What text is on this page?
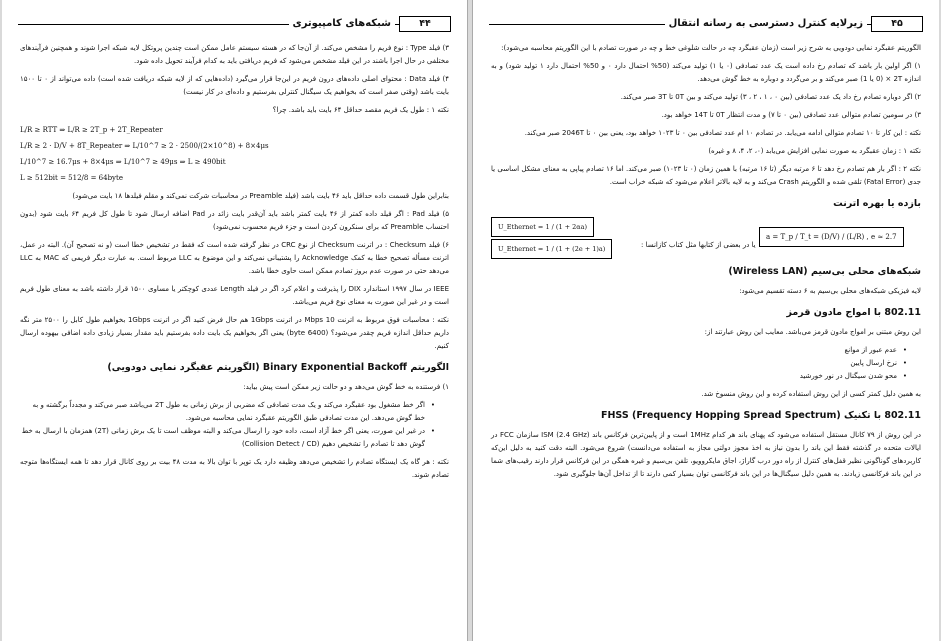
شبکه‌های کامپیوتری	۴۴

۳) فیلد Type : نوع فریم را مشخص می‌کند. از آن‌جا که در هسته سیستم عامل ممکن است چندین پروتکل لایه شبکه اجرا شوند و همچنین فرآیندهای مختلفی در حال اجرا باشند در این فیلد مشخص می‌شود که فریم دریافتی باید به کدام فرآیند تحویل داده شود.

۴) فیلد Data : محتوای اصلی داده‌های درون فریم در این‌جا قرار می‌گیرد (داده‌هایی که از لایه شبکه دریافت شده است) داده می‌تواند از ۰ تا ۱۵۰۰ بایت باشد (وقتی صفر است که بخواهیم یک سیگنال کنترلی بفرستیم و داده‌ای در کار نیست)

نکته ۱ : طول یک فریم مقصد حداقل ۶۴ بایت باید باشد. چرا؟

L/R ≥ RTT ⇒ L/R ≥ 2T_p + 2T_Repeater
L/R ≥ 2 · D/V + 8T_Repeater ⇒ L/10^7 ≥ 2 · 2500/(2×10^8) + 8×4μs
L/10^7 ≥ 16.7μs + 8×4μs ⇒ L/10^7 ≥ 49μs ⇒ L ≥ 490bit
L ≥ 512bit = 512/8 = 64byte

بنابراین طول قسمت داده حداقل باید ۴۶ بایت باشد (فیلد Preamble در محاسبات شرکت نمی‌کند و مقلم فیلدها ۱۸ بایت می‌شود)

۵) فیلد Pad : اگر فیلد داده کمتر از ۴۶ بایت کمتر باشد باید آن‌قدر بایت زائد در Pad اضافه ارسال شود تا طول کل فریم ۶۴ بایت شود (بدون احتساب Preamble که برای سنکرون کردن است و جزء فریم محسوب نمی‌شود)

۶) فیلد Checksum : در اترنت Checksum از نوع CRC در نظر گرفته شده است که فقط در تشخیص خطا است (و نه تصحیح آن). البته در عمل، اترنت مسأله تصحیح خطا به کمک Acknowledge را پشتیبانی نمی‌کند و این موضوع به LLC مربوط است. به عبارت دیگر فریمی که MAC به LLC می‌دهد حتی در صورت عدم بروز تصادم ممکن است حاوی خطا باشد.

IEEE در سال ۱۹۹۷ استاندارد DIX را پذیرفت و اعلام کرد اگر در فیلد Length عددی کوچکتر یا مساوی ۱۵۰۰ قرار داشته باشد به معنای طول فریم است و در غیر این صورت به معنای نوع فریم می‌باشد.

نکته : محاسبات فوق مربوط به اترنت 10 Mbps در اترنت 1Gbps هم حال فرض کنید اگر در اترنت 1Gbps بخواهیم طول کابل را ۲۵۰۰ متر نگه داریم حداقل اندازه فریم چقدر می‌شود؟ (6400 byte) یعنی اگر بخواهیم یک بایت داده بفرستیم باید مقدار بسیار زیادی داده اضافی بیهوده ارسال کنیم.

الگوریتم Binary Exponential Backoff (الگوریتم عقبگرد نمایی دودویی)

۱) فرستنده به خط گوش می‌دهد و دو حالت زیر ممکن است پیش بیاید:

• اگر خط مشغول بود عقبگرد می‌کند و یک مدت تصادفی که مضربی از برش زمانی به طول 2T می‌باشد صبر می‌کند و مجدداً برگشته و به خط گوش می‌دهد. این مدت تصادفی طبق الگوریتم عقبگرد نمایی محاسبه می‌شود.
• در غیر این صورت، یعنی اگر خط آزاد است، داده خود را ارسال می‌کند و البته موظف است تا یک برش زمانی (2T) همزمان با ارسال به خط گوش دهد تا تصادم را تشخیص دهیم (Collision Detect / CD)

نکته : هر گاه یک ایستگاه تصادم را تشخیص می‌دهد وظیفه دارد یک توپر با توان بالا به مدت ۴۸ بیت بر روی کانال قرار دهد تا همه ایستگاه‌ها متوجه تصادم شوند.

زیرلایه کنترل دسترسی به رسانه انتقال	۴۵

الگوریتم عقبگرد نمایی دودویی به شرح زیر است (زمان عقبگرد چه در حالت شلوغی خط و چه در صورت تصادم با این الگوریتم محاسبه می‌شود):

۱) اگر اولین بار باشد که تصادم رخ داده است یک عدد تصادفی (۰ یا ۱) تولید می‌کند (50% احتمال دارد ۰ و 50% احتمال دارد ۱ تولید شود) و به اندازه 2T × (0 یا 1) صبر می‌کند و بر می‌گردد و دوباره به خط گوش می‌دهد.

۲) اگر دوباره تصادم رخ داد یک عدد تصادفی (بین ۰ ، ۱ ، ۲ ، ۳) تولید می‌کند و بین 0T تا 3T صبر می‌کند.

۳) در سومین تصادم متوالی عدد تصادفی (بین ۰ تا ۷) و مدت انتظار 0T تا 14T خواهد بود.

نکته : این کار تا ۱۰ تصادم متوالی ادامه می‌یابد. در تصادم ۱۰ ام عدد تصادفی بین ۰ تا ۱۰۲۳ خواهد بود، یعنی بین ۰ تا 2046T صبر می‌کند.

نکته ۱ : زمان عقبگرد به صورت نمایی افزایش می‌یابد (۰، ۲، ۴، ۸ و غیره)

نکته ۲ : اگر بار هم تصادم رخ دهد تا ۶ مرتبه دیگر (تا ۱۶ مرتبه) با همین زمان (۰ تا ۱۰۲۳) صبر می‌کند. اما ۱۶ تصادم پیاپی به معنای مشکل اساسی یا جدی (Fatal Error) تلقی شده و الگوریتم Crash می‌کند و به لایه بالاتر اعلام می‌شود که شبکه خراب است.

بازده یا بهره اترنت
U_Ethernet = 1 / (1 + 2αa)
U_Ethernet = 1 / (1 + (2e + 1)a)	یا در بعضی از کتابها مثل کتاب کازانسا :
a = T_p / T_t = (D/V) / (L/R) , e ≈ 2.7
شبکه‌های محلی بی‌سیم (Wireless LAN)

لایه فیزیکی شبکه‌های محلی بی‌سیم به ۶ دسته تقسیم می‌شود:

802.11 با امواج مادون قرمز

این روش مبتنی بر امواج مادون قرمز می‌باشد. معایب این روش عبارتند از:

• عدم عبور از موانع
• نرخ ارسال پایین
• محو شدن سیگنال در نور خورشید

به همین دلیل کمتر کسی از این روش استفاده کرده و این روش منسوخ شد.

802.11 با تکنیک FHSS (Frequency Hopping Spread Spectrum)

در این روش از ۷۹ کانال مستقل استفاده می‌شود که پهنای باند هر کدام 1MHz است و از پایین‌ترین فرکانس باند ISM (2.4 GHz) سازمان FCC در ایالات متحده در گذشته فقط این باند را بدون نیاز به اخذ مجوز دولتی مجاز به استفاده می‌دانست) شروع می‌شود. البته دقت کنید به دلیل این‌که کاربردهای گوناگونی نظیر قفل‌های کنترل از راه دور درب گاراژ، اجاق مایکروویو، تلفن بی‌سیم و غیره همگی در این فرکانس قرار دارند رقیب‌های شما در این باند فرکانسی زیادند. به همین دلیل سیگنال‌ها در این باند فرکانسی توان بسیار کمی دارند تا از تداخل آن‌ها جلوگیری شود.
